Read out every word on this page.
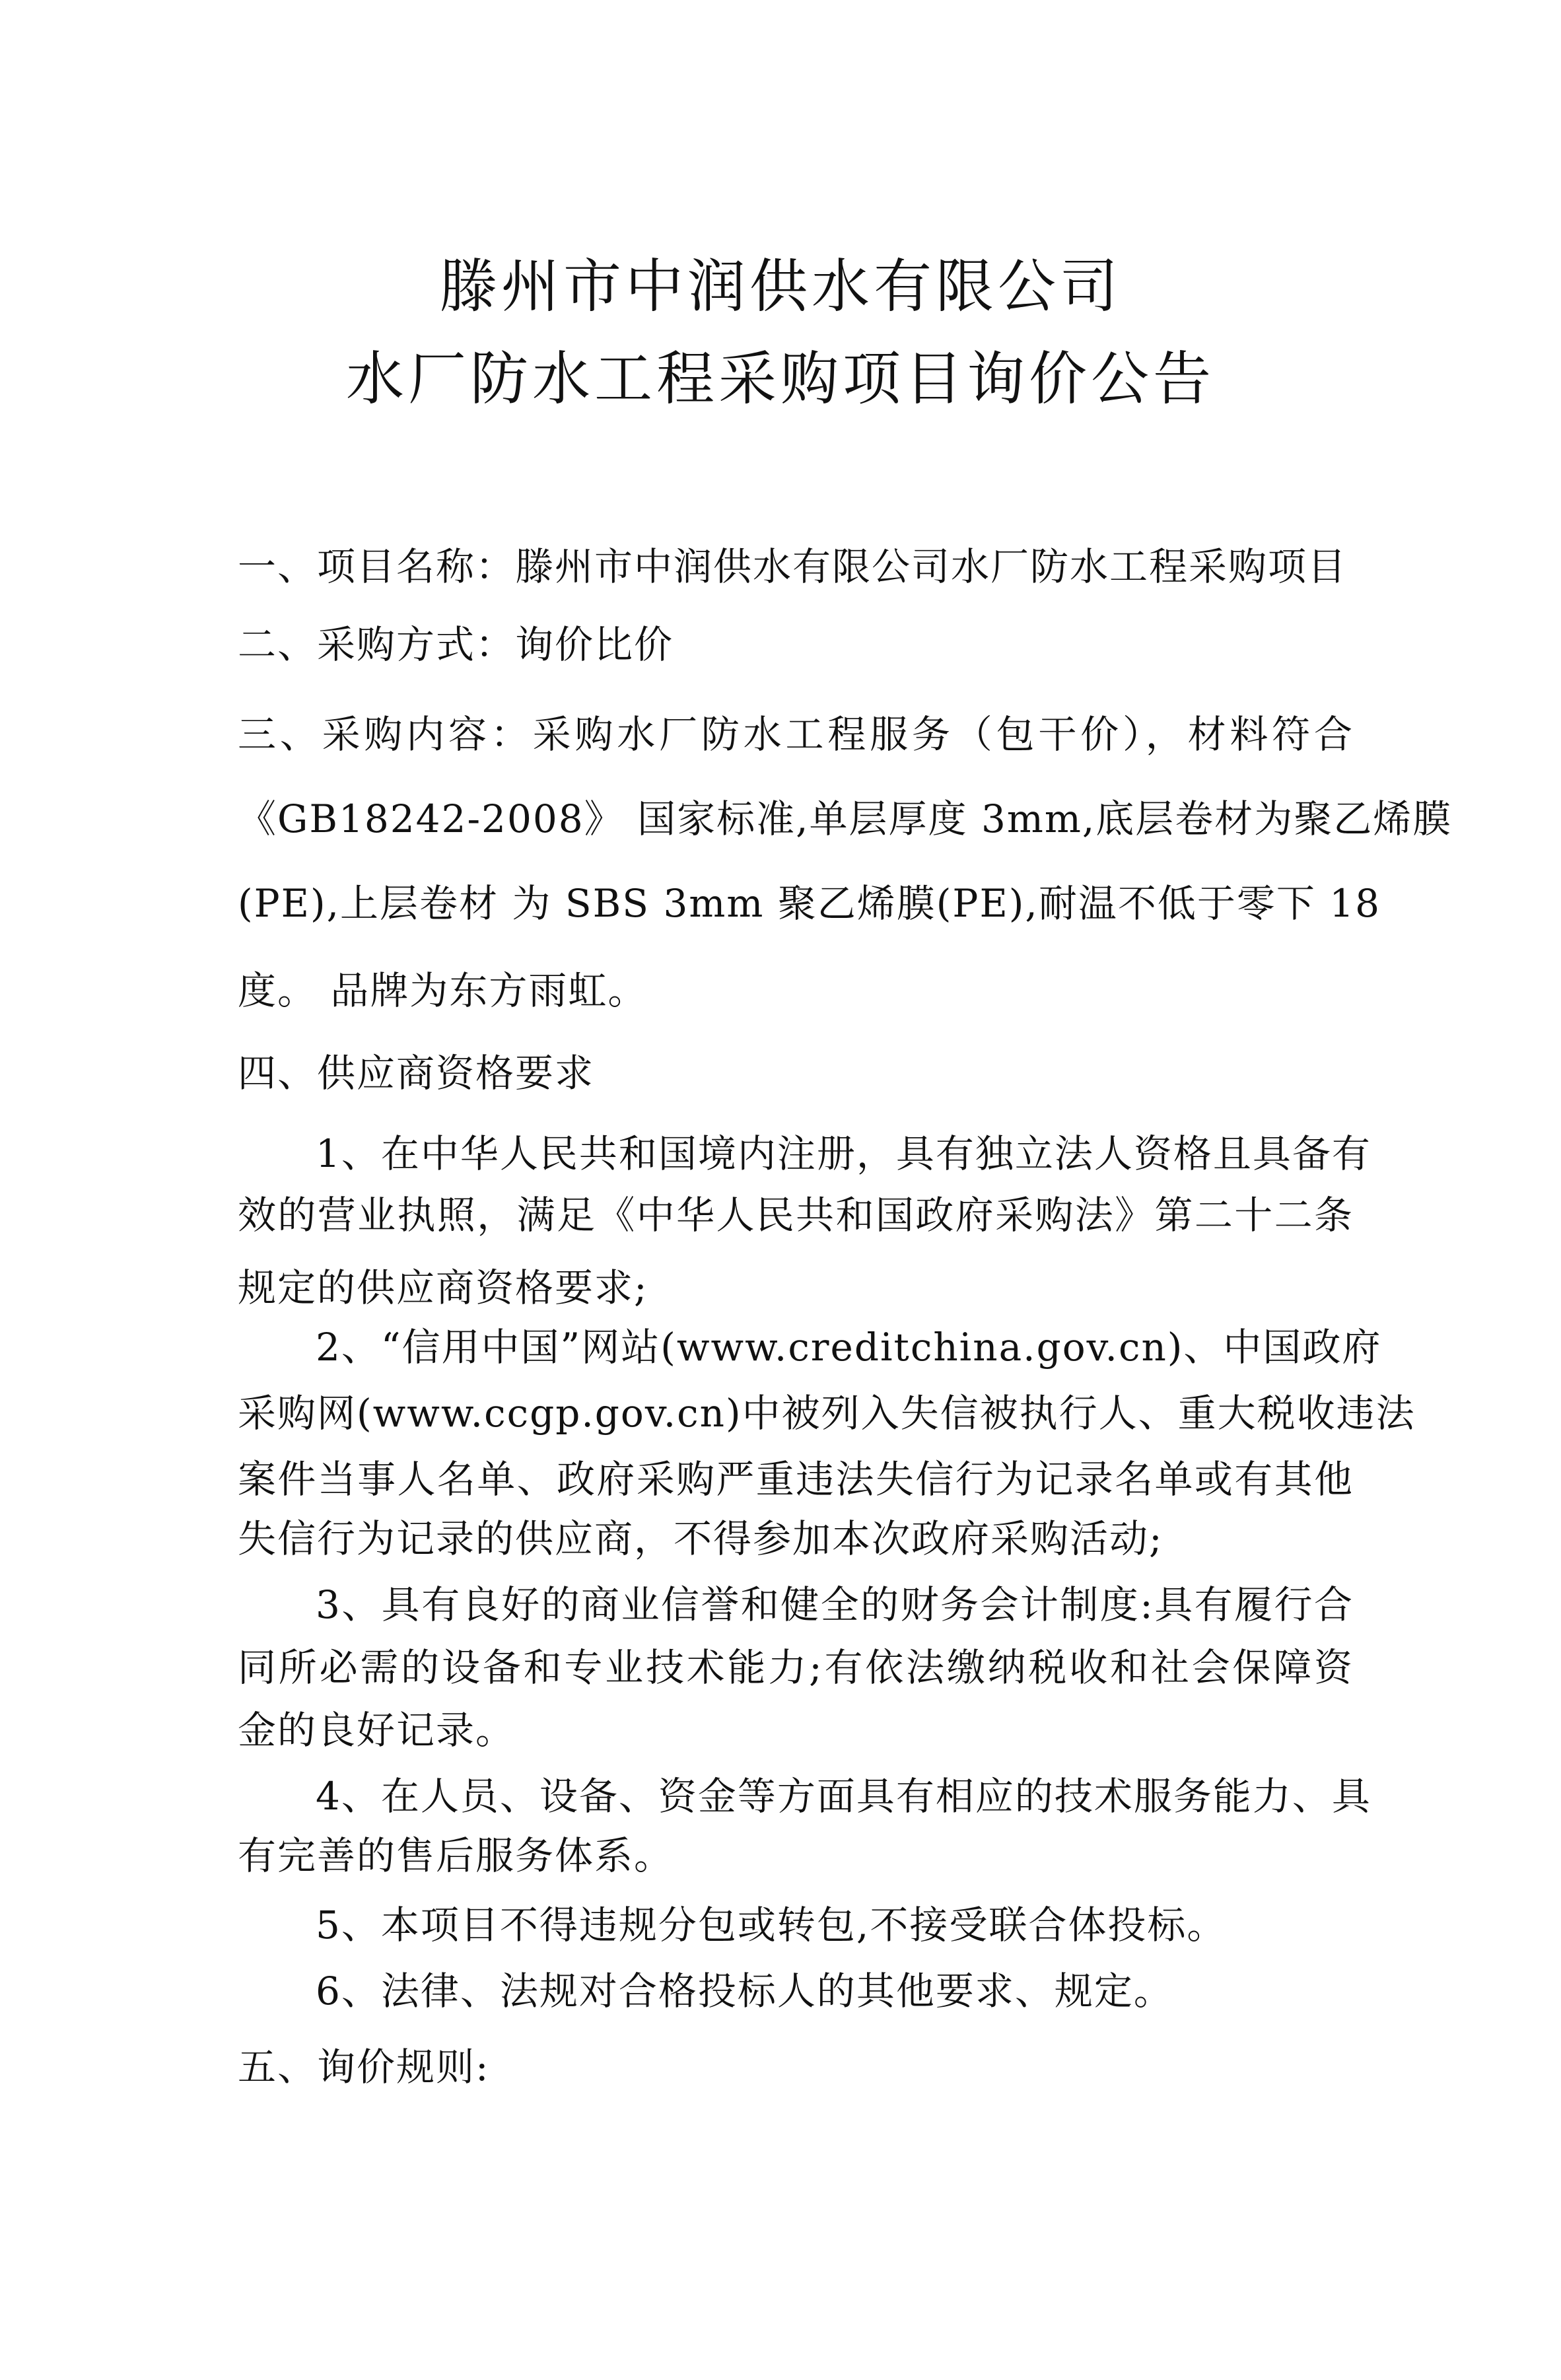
滕州市中润供水有限公司
水厂防水工程采购项目询价公告

一、项目名称：滕州市中润供水有限公司水厂防水工程采购项目

二、采购方式：询价比价

三、采购内容：采购水厂防水工程服务（包干价），材料符合

《GB18242-2008》 国家标准,单层厚度 3mm,底层卷材为聚乙烯膜

(PE),上层卷材 为 SBS 3mm 聚乙烯膜(PE),耐温不低于零下 18

度。 品牌为东方雨虹。

四、供应商资格要求

1、在中华人民共和国境内注册，具有独立法人资格且具备有

效的营业执照，满足《中华人民共和国政府采购法》第二十二条

规定的供应商资格要求;

2、“信用中国”网站(www.creditchina.gov.cn)、中国政府

采购网(www.ccgp.gov.cn)中被列入失信被执行人、重大税收违法

案件当事人名单、政府采购严重违法失信行为记录名单或有其他

失信行为记录的供应商，不得参加本次政府采购活动;

3、具有良好的商业信誉和健全的财务会计制度:具有履行合

同所必需的设备和专业技术能力;有依法缴纳税收和社会保障资

金的良好记录。

4、在人员、设备、资金等方面具有相应的技术服务能力、具

有完善的售后服务体系。

5、本项目不得违规分包或转包,不接受联合体投标。

6、法律、法规对合格投标人的其他要求、规定。

五、询价规则:
